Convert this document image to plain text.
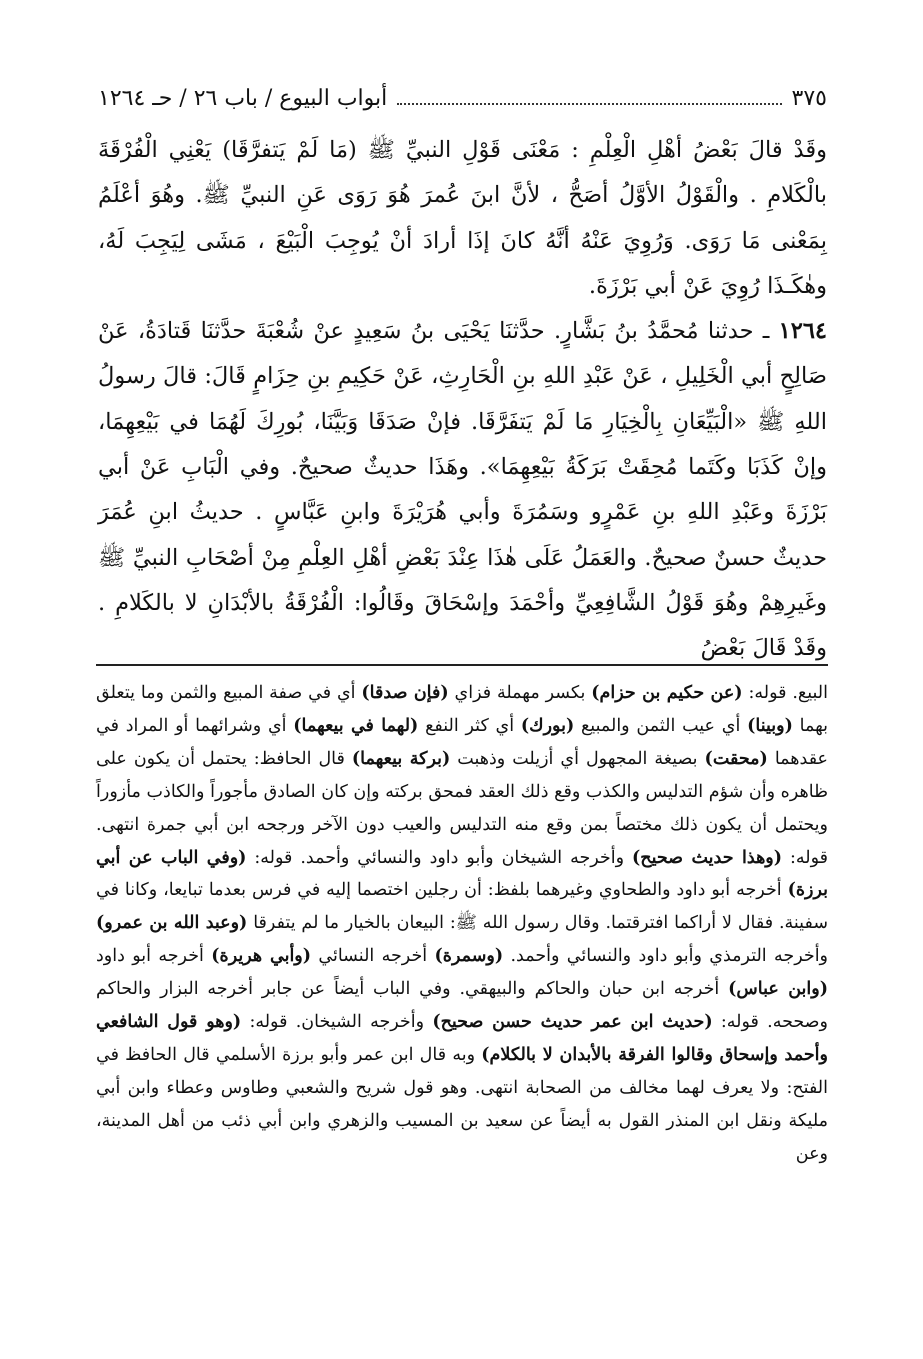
أبواب البيوع / باب ٢٦ / حـ ١٢٦٤	٣٧٥

وقَدْ قالَ بَعْضُ أهْلِ الْعِلْمِ : مَعْنَى قَوْلِ النبيِّ ﷺ (مَا لَمْ يَتفرَّقَا) يَعْنِي الْفُرْقَةَ بالْكَلامِ . والْقَوْلُ الأوَّلُ أصَحُّ ، لأنَّ ابنَ عُمرَ هُوَ رَوَى عَنِ النبيِّ ﷺ. وهُوَ أعْلَمُ بِمَعْنى مَا رَوَى. وَرُوِيَ عَنْهُ أنَّهُ كانَ إذَا أرادَ أنْ يُوجِبَ الْبَيْعَ ، مَشَى لِيَجِبَ لَهُ، وهٰكَـذَا رُوِيَ عَنْ أبي بَرْزَةَ.

١٢٦٤ ـ حدثنا مُحمَّدُ بنُ بَشَّارٍ. حدَّثنَا يَحْيَى بنُ سَعِيدٍ عنْ شُعْبَةَ حدَّثنَا قَتادَةُ، عَنْ صَالِحٍ أبي الْخَلِيلِ ، عَنْ عَبْدِ اللهِ بنِ الْحَارِثِ، عَنْ حَكِيمِ بنِ حِزَامٍ قَالَ: قالَ رسولُ اللهِ ﷺ «الْبَيِّعَانِ بِالْخِيَارِ مَا لَمْ يَتفَرَّقَا. فإنْ صَدَقَا وَبَيَّنَا، بُورِكَ لَهُمَا في بَيْعِهِمَا، وإنْ كَذَبَا وكَتَما مُحِقَتْ بَرَكَةُ بَيْعِهِمَا». وهَذَا حديثٌ صحيحٌ. وفي الْبَابِ عَنْ أبي بَرْزَةَ وعَبْدِ اللهِ بنِ عَمْرٍو وسَمُرَةَ وأبي هُرَيْرَةَ وابنِ عَبَّاسٍ . حديثُ ابنِ عُمَرَ حديثٌ حسنٌ صحيحٌ. والعَمَلُ عَلَى هٰذَا عِنْدَ بَعْضِ أهْلِ العِلْمِ مِنْ أصْحَابِ النبيِّ ﷺ وغَيرِهِمْ وهُوَ قَوْلُ الشَّافِعِيِّ وأحْمَدَ وإسْحَاقَ وقَالُوا: الْفُرْقَةُ بالأبْدَانِ لا بالكَلامِ . وقَدْ قَالَ بَعْضُ

البيع. قوله: (عن حكيم بن حزام) بكسر مهملة فزاي (فإن صدقا) أي في صفة المبيع والثمن وما يتعلق بهما (وبينا) أي عيب الثمن والمبيع (بورك) أي كثر النفع (لهما في بيعهما) أي وشرائهما أو المراد في عقدهما (محقت) بصيغة المجهول أي أزيلت وذهبت (بركة بيعهما) قال الحافظ: يحتمل أن يكون على ظاهره وأن شؤم التدليس والكذب وقع ذلك العقد فمحق بركته وإن كان الصادق مأجوراً والكاذب مأزوراً ويحتمل أن يكون ذلك مختصاً بمن وقع منه التدليس والعيب دون الآخر ورجحه ابن أبي جمرة انتهى. قوله: (وهذا حديث صحيح) وأخرجه الشيخان وأبو داود والنسائي وأحمد. قوله: (وفي الباب عن أبي برزة) أخرجه أبو داود والطحاوي وغيرهما بلفظ: أن رجلين اختصما إليه في فرس بعدما تبايعا، وكانا في سفينة. فقال لا أراكما افترقتما. وقال رسول الله ﷺ: البيعان بالخيار ما لم يتفرقا (وعبد الله بن عمرو) وأخرجه الترمذي وأبو داود والنسائي وأحمد. (وسمرة) أخرجه النسائي (وأبي هريرة) أخرجه أبو داود (وابن عباس) أخرجه ابن حبان والحاكم والبيهقي. وفي الباب أيضاً عن جابر أخرجه البزار والحاكم وصححه. قوله: (حديث ابن عمر حديث حسن صحيح) وأخرجه الشيخان. قوله: (وهو قول الشافعي وأحمد وإسحاق وقالوا الفرقة بالأبدان لا بالكلام) وبه قال ابن عمر وأبو برزة الأسلمي قال الحافظ في الفتح: ولا يعرف لهما مخالف من الصحابة انتهى. وهو قول شريح والشعبي وطاوس وعطاء وابن أبي مليكة ونقل ابن المنذر القول به أيضاً عن سعيد بن المسيب والزهري وابن أبي ذئب من أهل المدينة، وعن
